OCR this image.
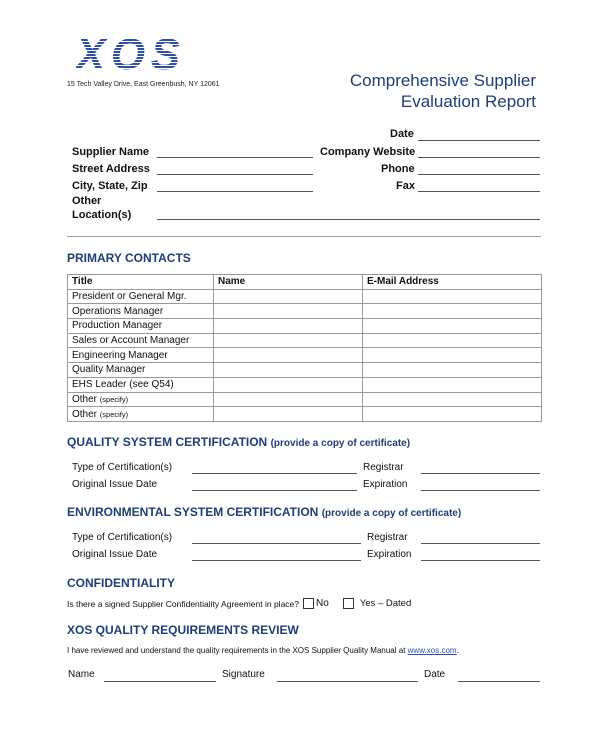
XOS
15 Tech Valley Drive, East Greenbush, NY 12061	Comprehensive Supplier
Evaluation Report
Date
Supplier Name	Company Website
Street Address	Phone
City, State, Zip	Fax
Other
Location(s)
PRIMARY CONTACTS
Title	Name	E-Mail Address
President or General Mgr.		
Operations Manager		
Production Manager		
Sales or Account Manager		
Engineering Manager		
Quality Manager		
EHS Leader (see Q54)		
Other (specify)		
Other (specify)		
QUALITY SYSTEM CERTIFICATION (provide a copy of certificate)
Type of Certification(s)	Registrar
Original Issue Date	Expiration
ENVIRONMENTAL SYSTEM CERTIFICATION (provide a copy of certificate)
Type of Certification(s)	Registrar
Original Issue Date	Expiration
CONFIDENTIALITY
Is there a signed Supplier Confidentiality Agreement in place? No	Yes – Dated
XOS QUALITY REQUIREMENTS REVIEW
I have reviewed and understand the quality requirements in the XOS Supplier Quality Manual at www.xos.com.
Name	Signature	Date
